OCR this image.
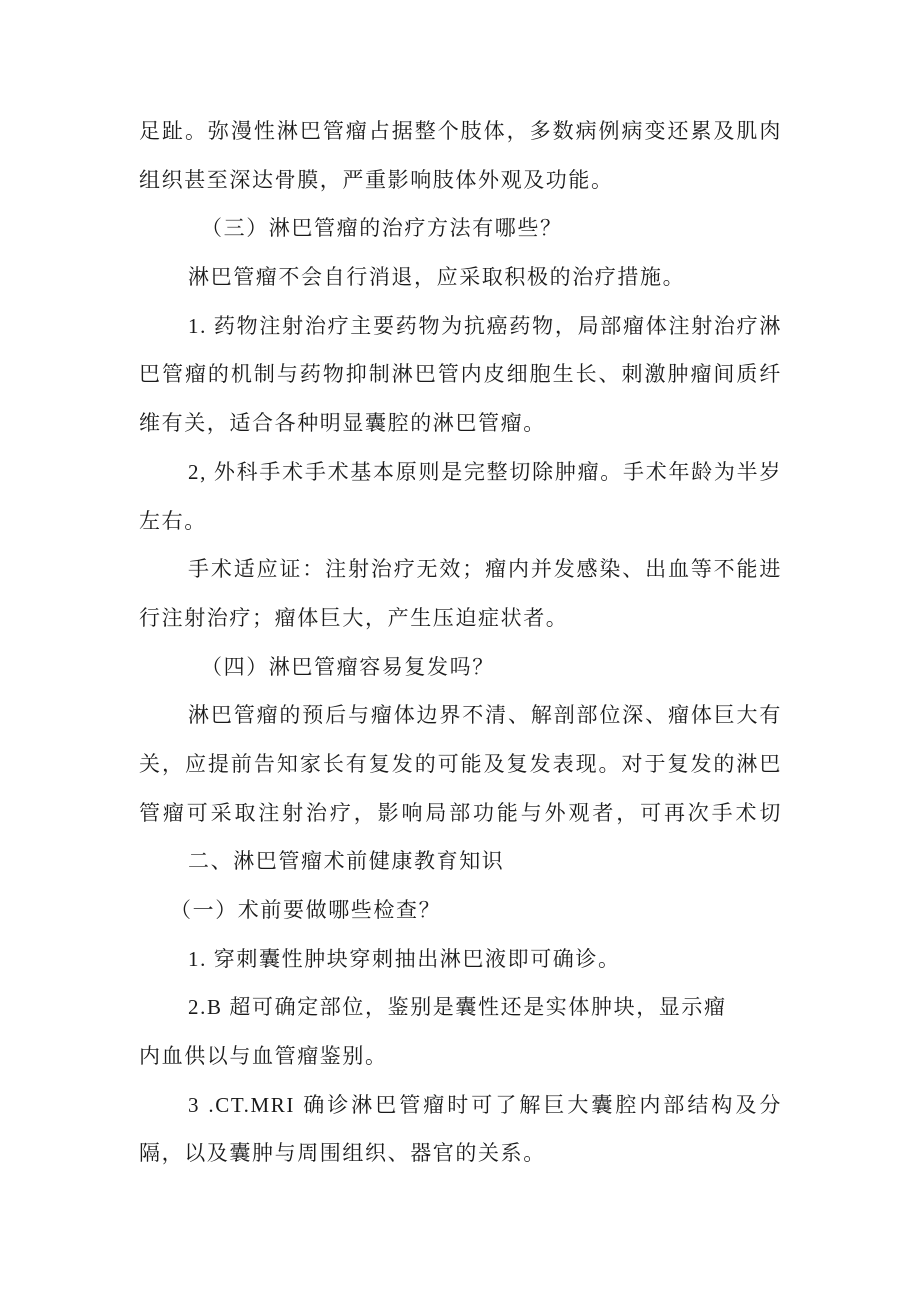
足趾。弥漫性淋巴管瘤占据整个肢体，多数病例病变还累及肌肉
组织甚至深达骨膜，严重影响肢体外观及功能。
（三）淋巴管瘤的治疗方法有哪些？
淋巴管瘤不会自行消退，应采取积极的治疗措施。
1. 药物注射治疗主要药物为抗癌药物，局部瘤体注射治疗淋
巴管瘤的机制与药物抑制淋巴管内皮细胞生长、刺激肿瘤间质纤
维有关，适合各种明显囊腔的淋巴管瘤。
2, 外科手术手术基本原则是完整切除肿瘤。手术年龄为半岁
左右。
手术适应证：注射治疗无效；瘤内并发感染、出血等不能进
行注射治疗；瘤体巨大，产生压迫症状者。
（四）淋巴管瘤容易复发吗？
淋巴管瘤的预后与瘤体边界不清、解剖部位深、瘤体巨大有
关，应提前告知家长有复发的可能及复发表现。对于复发的淋巴
管瘤可采取注射治疗，影响局部功能与外观者，可再次手术切
二、淋巴管瘤术前健康教育知识
（一）术前要做哪些检查？
1. 穿刺囊性肿块穿刺抽出淋巴液即可确诊。
2.B 超可确定部位，鉴别是囊性还是实体肿块，显示瘤
内血供以与血管瘤鉴别。
3 .CT.MRI 确诊淋巴管瘤时可了解巨大囊腔内部结构及分
隔，以及囊肿与周围组织、器官的关系。
